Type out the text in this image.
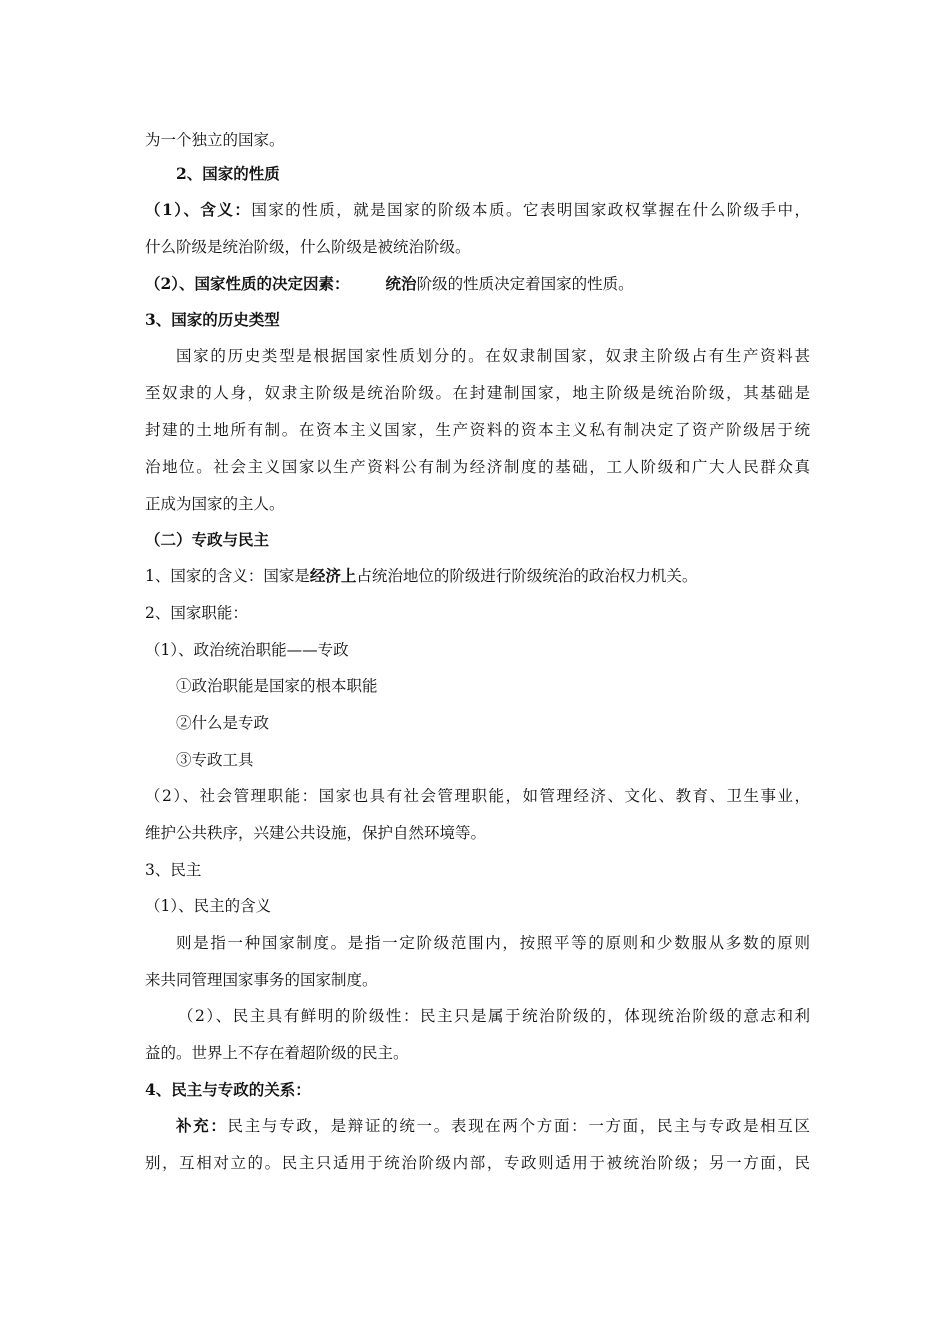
为一个独立的国家。
2、国家的性质
（1）、含义：国家的性质，就是国家的阶级本质。它表明国家政权掌握在什么阶级手中，
什么阶级是统治阶级，什么阶级是被统治阶级。
（2）、国家性质的决定因素： 统治阶级的性质决定着国家的性质。
3、国家的历史类型
国家的历史类型是根据国家性质划分的。在奴隶制国家，奴隶主阶级占有生产资料甚
至奴隶的人身，奴隶主阶级是统治阶级。在封建制国家，地主阶级是统治阶级，其基础是
封建的土地所有制。在资本主义国家，生产资料的资本主义私有制决定了资产阶级居于统
治地位。社会主义国家以生产资料公有制为经济制度的基础，工人阶级和广大人民群众真
正成为国家的主人。
（二）专政与民主
1、国家的含义：国家是经济上占统治地位的阶级进行阶级统治的政治权力机关。
2、国家职能：
（1）、政治统治职能——专政
①政治职能是国家的根本职能
②什么是专政
③专政工具
（2）、社会管理职能：国家也具有社会管理职能，如管理经济、文化、教育、卫生事业，
维护公共秩序，兴建公共设施，保护自然环境等。
3、民主
（1）、民主的含义
则是指一种国家制度。是指一定阶级范围内，按照平等的原则和少数服从多数的原则
来共同管理国家事务的国家制度。
（2）、民主具有鲜明的阶级性：民主只是属于统治阶级的，体现统治阶级的意志和利
益的。世界上不存在着超阶级的民主。
4、民主与专政的关系：
补充：民主与专政，是辩证的统一。表现在两个方面：一方面，民主与专政是相互区
别，互相对立的。民主只适用于统治阶级内部，专政则适用于被统治阶级；另一方面，民
